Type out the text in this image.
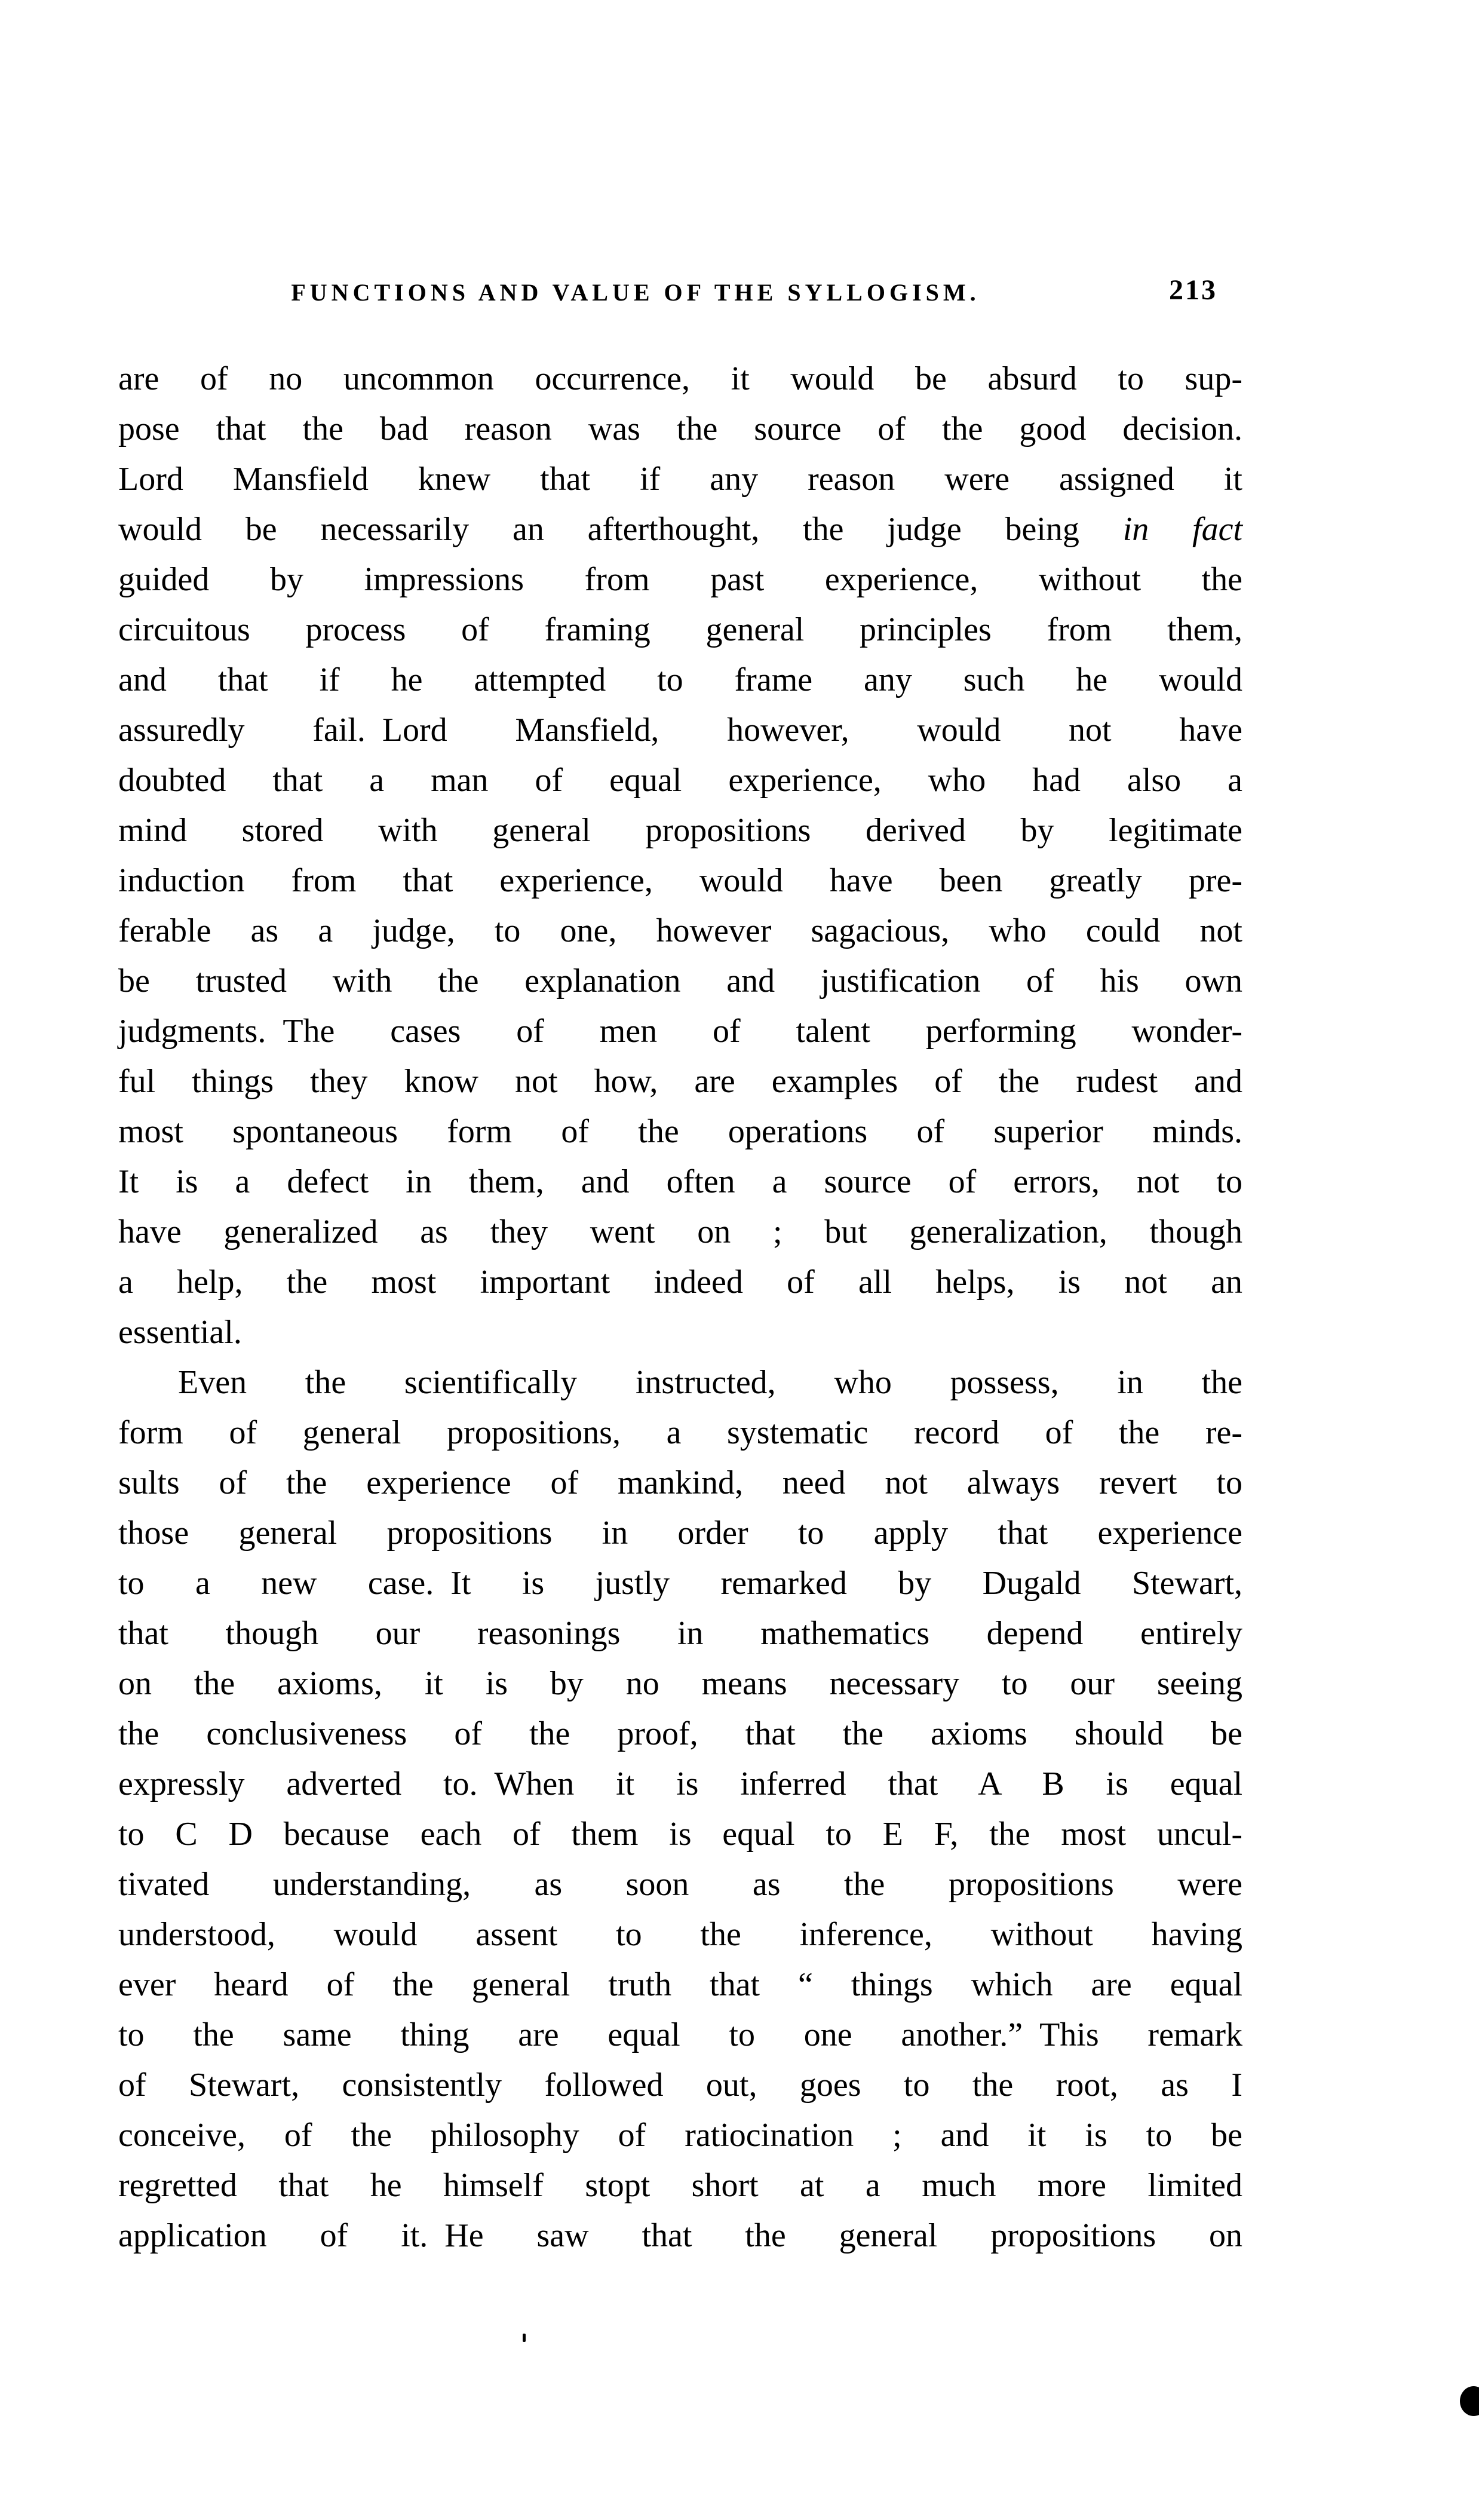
FUNCTIONS AND VALUE OF THE SYLLOGISM.	213
are of no uncommon occurrence, it would be absurd to sup-
pose that the bad reason was the source of the good decision.
Lord Mansfield knew that if any reason were assigned it
would be necessarily an afterthought, the judge being in fact
guided by impressions from past experience, without the
circuitous process of framing general principles from them,
and that if he attempted to frame any such he would
assuredly fail. Lord Mansfield, however, would not have
doubted that a man of equal experience, who had also a
mind stored with general propositions derived by legitimate
induction from that experience, would have been greatly pre-
ferable as a judge, to one, however sagacious, who could not
be trusted with the explanation and justification of his own
judgments. The cases of men of talent performing wonder-
ful things they know not how, are examples of the rudest and
most spontaneous form of the operations of superior minds.
It is a defect in them, and often a source of errors, not to
have generalized as they went on ; but generalization, though
a help, the most important indeed of all helps, is not an
essential.
Even the scientifically instructed, who possess, in the
form of general propositions, a systematic record of the re-
sults of the experience of mankind, need not always revert to
those general propositions in order to apply that experience
to a new case. It is justly remarked by Dugald Stewart,
that though our reasonings in mathematics depend entirely
on the axioms, it is by no means necessary to our seeing
the conclusiveness of the proof, that the axioms should be
expressly adverted to. When it is inferred that A B is equal
to C D because each of them is equal to E F, the most uncul-
tivated understanding, as soon as the propositions were
understood, would assent to the inference, without having
ever heard of the general truth that “ things which are equal
to the same thing are equal to one another.” This remark
of Stewart, consistently followed out, goes to the root, as I
conceive, of the philosophy of ratiocination ; and it is to be
regretted that he himself stopt short at a much more limited
application of it. He saw that the general propositions on
